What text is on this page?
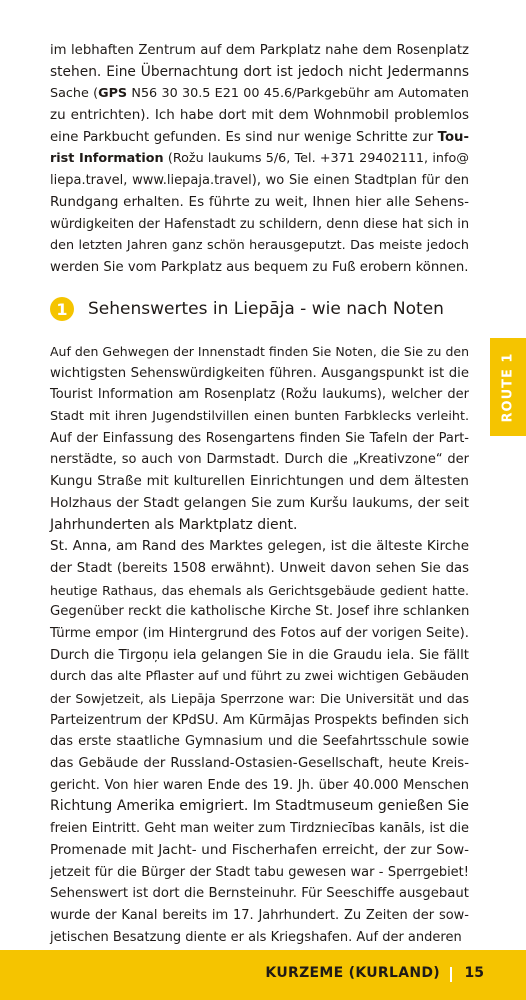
im lebhaften Zentrum auf dem Parkplatz nahe dem Rosenplatz
stehen. Eine Übernachtung dort ist jedoch nicht Jedermanns
Sache (GPS N56 30 30.5 E21 00 45.6/Parkgebühr am Automaten
zu entrichten). Ich habe dort mit dem Wohnmobil problemlos
eine Parkbucht gefunden. Es sind nur wenige Schritte zur Tou-
rist Information (Rožu laukums 5/6, Tel. +371 29402111, info@
liepa.travel, www.liepaja.travel), wo Sie einen Stadtplan für den
Rundgang erhalten. Es führte zu weit, Ihnen hier alle Sehens-
würdigkeiten der Hafenstadt zu schildern, denn diese hat sich in
den letzten Jahren ganz schön herausgeputzt. Das meiste jedoch
werden Sie vom Parkplatz aus bequem zu Fuß erobern können.
1	Sehenswertes in Liepāja - wie nach Noten
Auf den Gehwegen der Innenstadt finden Sie Noten, die Sie zu den
wichtigsten Sehenswürdigkeiten führen. Ausgangspunkt ist die
Tourist Information am Rosenplatz (Rožu laukums), welcher der
Stadt mit ihren Jugendstilvillen einen bunten Farbklecks verleiht.
Auf der Einfassung des Rosengartens finden Sie Tafeln der Part-
nerstädte, so auch von Darmstadt. Durch die „Kreativzone“ der
Kungu Straße mit kulturellen Einrichtungen und dem ältesten
Holzhaus der Stadt gelangen Sie zum Kuršu laukums, der seit
Jahrhunderten als Marktplatz dient.
St. Anna, am Rand des Marktes gelegen, ist die älteste Kirche
der Stadt (bereits 1508 erwähnt). Unweit davon sehen Sie das
heutige Rathaus, das ehemals als Gerichtsgebäude gedient hatte.
Gegenüber reckt die katholische Kirche St. Josef ihre schlanken
Türme empor (im Hintergrund des Fotos auf der vorigen Seite).
Durch die Tirgoņu iela gelangen Sie in die Graudu iela. Sie fällt
durch das alte Pflaster auf und führt zu zwei wichtigen Gebäuden
der Sowjetzeit, als Liepāja Sperrzone war: Die Universität und das
Parteizentrum der KPdSU. Am Kūrmājas Prospekts befinden sich
das erste staatliche Gymnasium und die Seefahrtsschule sowie
das Gebäude der Russland-Ostasien-Gesellschaft, heute Kreis-
gericht. Von hier waren Ende des 19. Jh. über 40.000 Menschen
Richtung Amerika emigriert. Im Stadtmuseum genießen Sie
freien Eintritt. Geht man weiter zum Tirdzniecības kanāls, ist die
Promenade mit Jacht- und Fischerhafen erreicht, der zur Sow-
jetzeit für die Bürger der Stadt tabu gewesen war - Sperrgebiet!
Sehenswert ist dort die Bernsteinuhr. Für Seeschiffe ausgebaut
wurde der Kanal bereits im 17. Jahrhundert. Zu Zeiten der sow-
jetischen Besatzung diente er als Kriegshafen. Auf der anderen
ROUTE 1
KURZEME (KURLAND) 15
